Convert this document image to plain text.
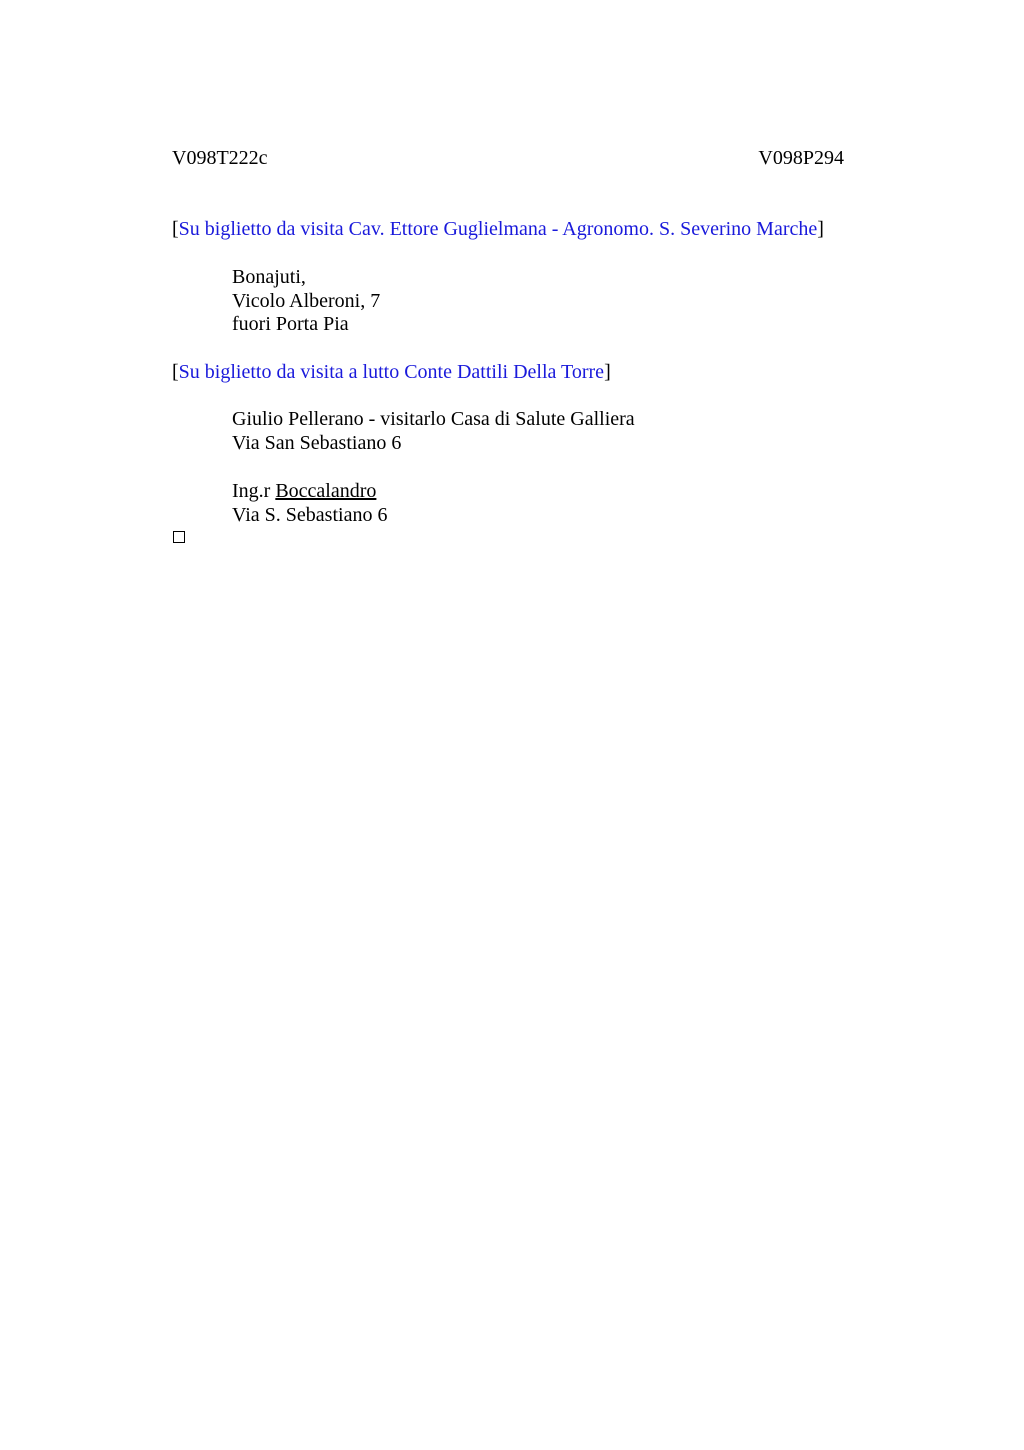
V098T222c	V098P294
[Su biglietto da visita Cav. Ettore Guglielmana - Agronomo. S. Severino Marche]
Bonajuti,
Vicolo Alberoni, 7
fuori Porta Pia
[Su biglietto da visita a lutto Conte Dattili Della Torre]
Giulio Pellerano - visitarlo Casa di Salute Galliera
Via San Sebastiano 6
Ing.r Boccalandro
Via S. Sebastiano 6
